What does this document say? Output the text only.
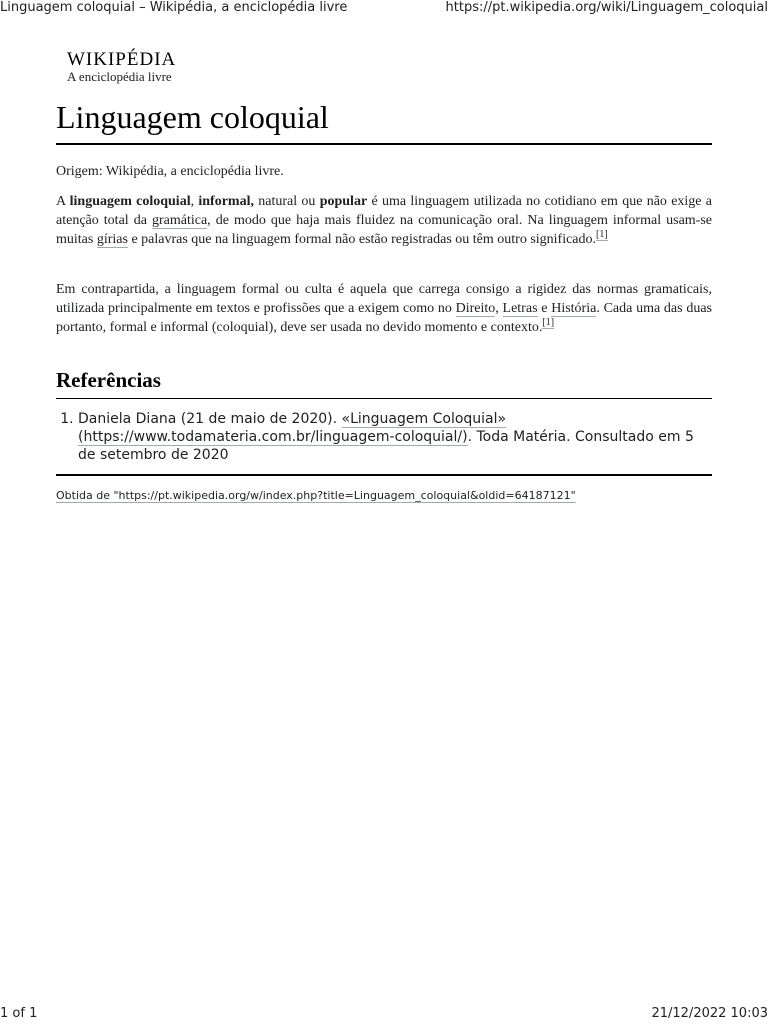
Linguagem coloquial – Wikipédia, a enciclopédia livre	https://pt.wikipedia.org/wiki/Linguagem_coloquial
WIKIPÉDIA
A enciclopédia livre
Linguagem coloquial
Origem: Wikipédia, a enciclopédia livre.

A linguagem coloquial, informal, natural ou popular é uma linguagem utilizada no cotidiano em que não exige a atenção total da gramática, de modo que haja mais fluidez na comunicação oral. Na linguagem informal usam-se muitas gírias e palavras que na linguagem formal não estão registradas ou têm outro significado.[1]

Em contrapartida, a linguagem formal ou culta é aquela que carrega consigo a rigidez das normas gramaticais, utilizada principalmente em textos e profissões que a exigem como no Direito, Letras e História. Cada uma das duas portanto, formal e informal (coloquial), deve ser usada no devido momento e contexto.[1]

Referências
1. Daniela Diana (21 de maio de 2020). «Linguagem Coloquial» (https://www.todamateria.com.br/linguagem-coloquial/). Toda Matéria. Consultado em 5 de setembro de 2020
Obtida de "https://pt.wikipedia.org/w/index.php?title=Linguagem_coloquial&oldid=64187121"
1 of 1	21/12/2022 10:03
